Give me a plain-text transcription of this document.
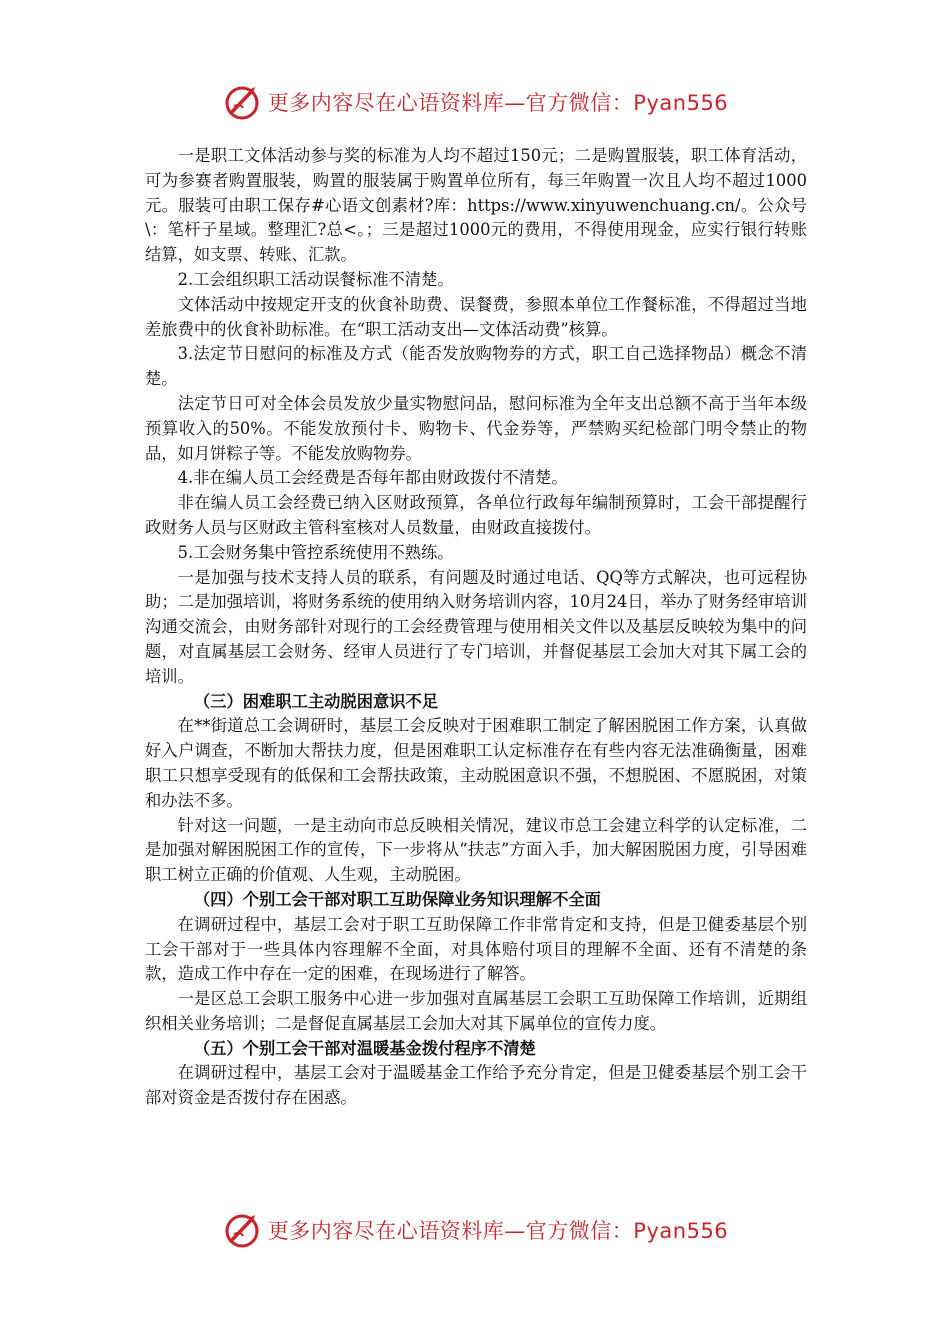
更多内容尽在心语资料库—官方微信：Pyan556

一是职工文体活动参与奖的标准为人均不超过150元；二是购置服装，职工体育活动，可为参赛者购置服装，购置的服装属于购置单位所有，每三年购置一次且人均不超过1000元。服装可由职工保存#心语文创素材?库：https://www.xinyuwenchuang.cn/。公众号\：笔杆子星域。整理汇?总<。；三是超过1000元的费用，不得使用现金，应实行银行转账结算，如支票、转账、汇款。

2.工会组织职工活动误餐标准不清楚。

文体活动中按规定开支的伙食补助费、误餐费，参照本单位工作餐标准，不得超过当地差旅费中的伙食补助标准。在“职工活动支出—文体活动费”核算。

3.法定节日慰问的标准及方式（能否发放购物券的方式，职工自己选择物品）概念不清楚。

法定节日可对全体会员发放少量实物慰问品，慰问标准为全年支出总额不高于当年本级预算收入的50%。不能发放预付卡、购物卡、代金券等，严禁购买纪检部门明令禁止的物品，如月饼粽子等。不能发放购物券。

4.非在编人员工会经费是否每年都由财政拨付不清楚。

非在编人员工会经费已纳入区财政预算，各单位行政每年编制预算时，工会干部提醒行政财务人员与区财政主管科室核对人员数量，由财政直接拨付。

5.工会财务集中管控系统使用不熟练。

一是加强与技术支持人员的联系，有问题及时通过电话、QQ等方式解决，也可远程协助；二是加强培训，将财务系统的使用纳入财务培训内容，10月24日，举办了财务经审培训沟通交流会，由财务部针对现行的工会经费管理与使用相关文件以及基层反映较为集中的问题，对直属基层工会财务、经审人员进行了专门培训，并督促基层工会加大对其下属工会的培训。

（三）困难职工主动脱困意识不足

在**街道总工会调研时，基层工会反映对于困难职工制定了解困脱困工作方案，认真做好入户调查，不断加大帮扶力度，但是困难职工认定标准存在有些内容无法准确衡量，困难职工只想享受现有的低保和工会帮扶政策，主动脱困意识不强，不想脱困、不愿脱困，对策和办法不多。

针对这一问题，一是主动向市总反映相关情况，建议市总工会建立科学的认定标准，二是加强对解困脱困工作的宣传，下一步将从“扶志”方面入手，加大解困脱困力度，引导困难职工树立正确的价值观、人生观，主动脱困。

（四）个别工会干部对职工互助保障业务知识理解不全面

在调研过程中，基层工会对于职工互助保障工作非常肯定和支持，但是卫健委基层个别工会干部对于一些具体内容理解不全面，对具体赔付项目的理解不全面、还有不清楚的条款，造成工作中存在一定的困难，在现场进行了解答。

一是区总工会职工服务中心进一步加强对直属基层工会职工互助保障工作培训，近期组织相关业务培训；二是督促直属基层工会加大对其下属单位的宣传力度。

（五）个别工会干部对温暖基金拨付程序不清楚

在调研过程中，基层工会对于温暖基金工作给予充分肯定，但是卫健委基层个别工会干部对资金是否拨付存在困惑。

更多内容尽在心语资料库—官方微信：Pyan556
